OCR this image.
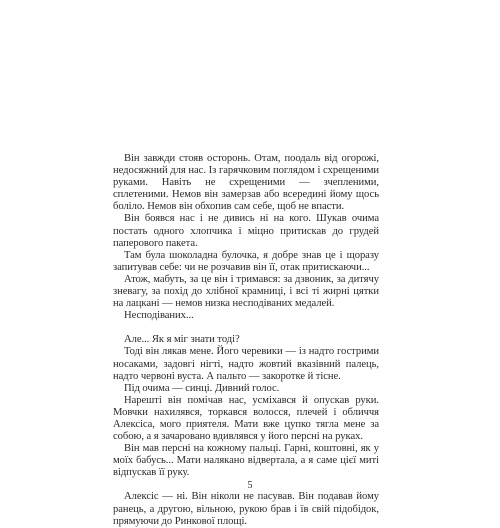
Він завжди стояв осторонь. Отам, поодаль від огорожі, недосяжний для нас. Із гарячковим поглядом і схрещеними руками. Навіть не схрещеними — зчепленими, сплетеними. Немов він замерзав або всередині йому щось боліло. Немов він обхопив сам себе, щоб не впасти.

Він боявся нас і не дивись ні на кого. Шукав очима постать одного хлопчика і міцно притискав до грудей паперового пакета.

Там була шоколадна булочка, я добре знав це і щоразу запитував себе: чи не розчавив він її, отак притискаючи...

Атож, мабуть, за це він і тримався: за дзвоник, за дитячу зневагу, за похід до хлібної крамниці, і всі ті жирні цятки на лацкані — немов низка несподіваних медалей.

Несподіваних...

Але... Як я міг знати тоді?

Тоді він лякав мене. Його черевики — із надто гострими носаками, задовгі нігті, надто жовтий вказівний палець, надто червоні вуста. А пальто — закоротке й тісне.

Під очима — синці. Дивний голос.

Нарешті він помічав нас, усміхався й опускав руки. Мовчки нахилявся, торкався волосся, плечей і обличчя Алексіса, мого приятеля. Мати вже цупко тягла мене за собою, а я зачаровано вдивлявся у його персні на руках.

Він мав персні на кожному пальці. Гарні, коштовні, як у моїх бабусь... Мати налякано відвертала, а я саме цієї миті відпускав її руку.

Алексіс — ні. Він ніколи не пасував. Він подавав йому ранець, а другою, вільною, рукою брав і їв свій підобідок, прямуючи до Ринкової площі.

5
